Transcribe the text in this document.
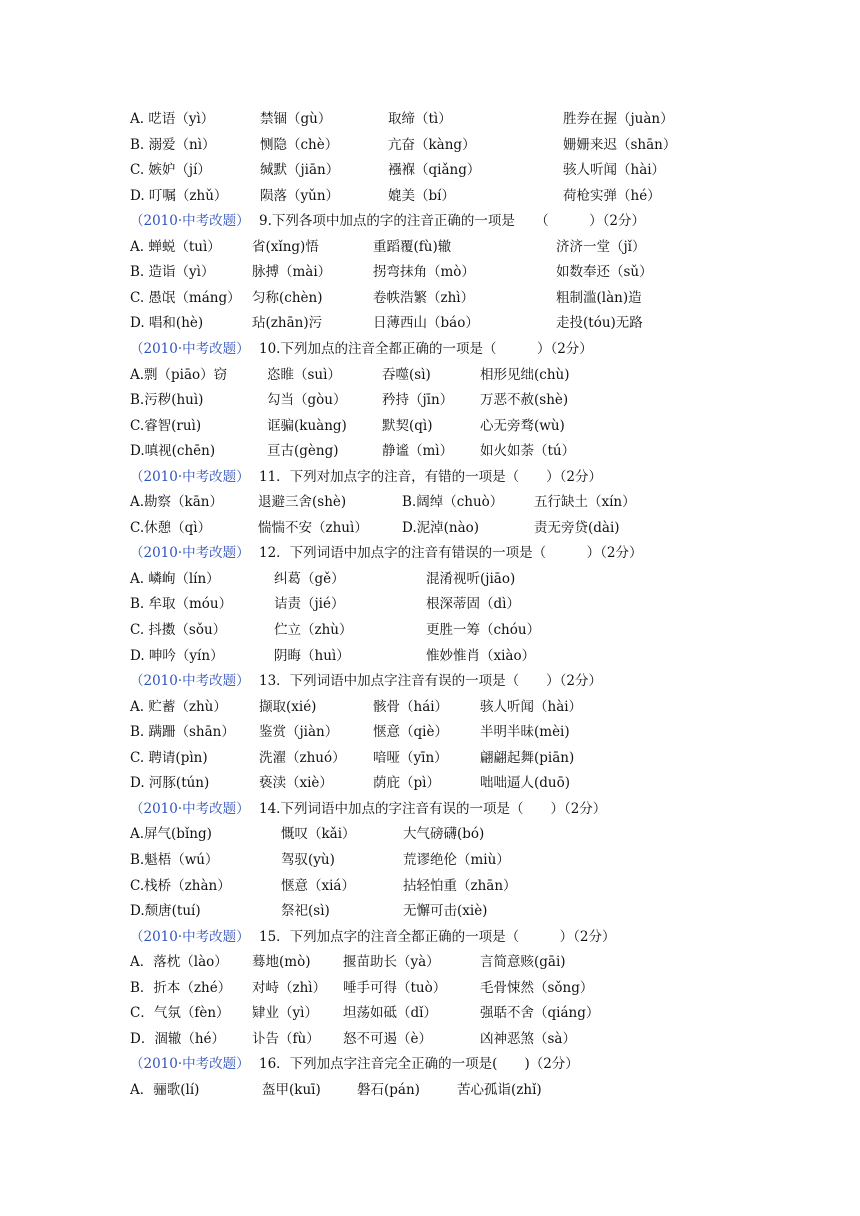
A. 呓语（yì）	禁锢（gù）	取缔（tì）	胜券在握（juàn）
B. 溺爱（nì）	恻隐（chè）	亢奋（kàng）	姗姗来迟（shān）
C. 嫉妒（jí）	缄默（jiān）	襁褓（qiǎng）	骇人听闻（hài）
D. 叮嘱（zhǔ） 陨落（yǔn）	媲美（bí）	荷枪实弹（hé）
（2010·中考改题） 9.下列各项中加点的字的注音正确的一项是　　（　　　）（2分）
A. 蝉蜕（tuì） 省(xǐng)悟	重蹈覆(fù)辙	济济一堂（jǐ）
B. 造诣（yì）	脉搏（mài）	拐弯抹角（mò）	如数奉还（sǔ）
C. 愚氓（máng） 匀称(chèn)	卷帙浩繁（zhì）	粗制滥(làn)造
D. 唱和(hè)	玷(zhān)污	日薄西山（báo）	走投(tóu)无路
（2010·中考改题） 10.下列加点的注音全都正确的一项是（　　　）（2分）
A.剽（piāo）窃	恣睢（suì）	吞噬(sì)	相形见绌(chù)
B.污秽(huì)	勾当（gòu）	矜持（jīn） 万恶不赦(shè)
C.睿智(ruì)	诓骗(kuàng)	默契(qì)	心无旁骛(wù)
D.嗔视(chēn)	亘古(gèng)	静谧（mì） 如火如荼（tú）
（2010·中考改题） 11．下列对加点字的注音，有错的一项是（　　）（2分）
A.勘察（kān）	退避三舍(shè)	B.阔绰（chuò） 五行缺土（xín）
C.休憩（qì）	惴惴不安（zhuì）	D.泥淖(nào)	责无旁贷(dài)
（2010·中考改题） 12．下列词语中加点字的注音有错误的一项是（　　　）（2分）
A. 嶙峋（lín）	纠葛（gě）	混淆视听(jiāo)
B. 牟取（móu）	诘责（jié）	根深蒂固（dì）
C. 抖擞（sǒu）	伫立（zhù）	更胜一筹（chóu）
D. 呻吟（yín）	阴晦（huì）	惟妙惟肖（xiào）
（2010·中考改题） 13．下列词语中加点字注音有误的一项是（　　）（2分）
A. 贮蓄（zhù） 撷取(xié)	骸骨（hái） 骇人听闻（hài）
B. 蹒跚（shān） 鉴赏（jiàn）	惬意（qiè） 半明半昧(mèi)
C. 聘请(pìn)	洗濯（zhuó） 喑哑（yīn） 翩翩起舞(piān)
D. 河豚(tún)	亵渎（xiè）	荫庇（pì）	咄咄逼人(duō)
（2010·中考改题） 14.下列词语中加点的字注音有误的一项是（　　）（2分）
A.屏气(bǐng)	慨叹（kǎi）	大气磅礴(bó)
B.魁梧（wú）	驾驭(yù)	荒谬绝伦（miù）
C.栈桥（zhàn）	惬意（xiá）	拈轻怕重（zhān）
D.颓唐(tuí)	祭祀(sì)	无懈可击(xiè)
（2010·中考改题） 15．下列加点字的注音全都正确的一项是（　　　）（2分）
A．落枕（lào） 蓦地(mò) 揠苗助长（yà）	言简意赅(gāi)
B．折本（zhé） 对峙（zhì） 唾手可得（tuò）	毛骨悚然（sǒng）
C．气氛（fèn） 肄业（yì） 坦荡如砥（dǐ）	强聒不舍（qiáng）
D．涸辙（hé） 讣告（fù） 怒不可遏（è）	凶神恶煞（sà）
（2010·中考改题） 16．下列加点字注音完全正确的一项是(　　)（2分）
A．骊歌(lí)	盔甲(kuī)	磐石(pán)	苦心孤诣(zhǐ)
